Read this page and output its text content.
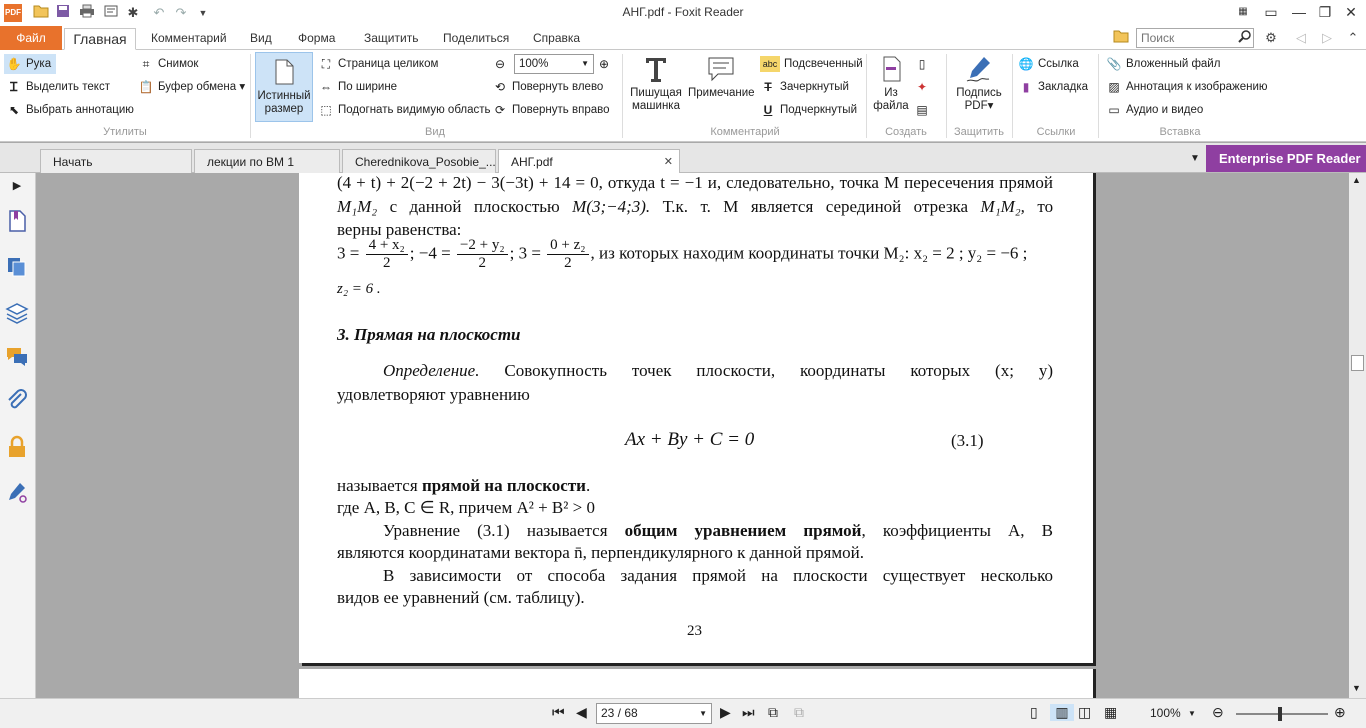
PDF	✱ ↶ ↷	▼	АНГ.pdf - Foxit Reader	▦	▭	— ❐ ✕
Файл	Главная	Комментарий	Вид	Форма	Защитить	Поделиться	Справка
Поиск	⚙	◁	▷	⌃
✋ Рука
Ꮖ Выделить текст
⬉ Выбрать аннотацию
⌗ Снимок
📋 Буфер обмена ▾
Утилиты
Истинный размер
⛶ Страница целиком
⇔ По ширине
⬚ Подогнать видимую область
⊖	100%	▼ ⊕
⟲ Повернуть влево
⟳ Повернуть вправо
Вид
Пишущая машинка
Примечание
abc Подсвеченный
T Зачеркнутый
U Подчеркнутый
Комментарий
Из файла
▯
✦
▤
Создать
Подпись PDF▾
Защитить
🌐 Ссылка
▮ Закладка
Ссылки
📎 Вложенный файл
▨ Аннотация к изображению
▭ Аудио и видео
Вставка
Начать	лекции по ВМ 1	Cherednikova_Posobie_...	АНГ.pdf	✕	▼	Enterprise PDF Reader
▶	(4 + t) + 2(−2 + 2t) − 3(−3t) + 14 = 0, откуда t = −1 и, следовательно, точка M пересечения прямой
M₁M₂ с данной плоскостью M(3;−4;3). Т.к. т. M является серединой отрезка M₁M₂, то
верны равенства:
$3 = \frac{\text{4 + x₂}}{2}$ ; $-4 = \frac{\text{−2 + y₂}}{2}$ ; $3 = \frac{\text{0 + z₂}}{2}$ , из которых находим координаты точки M₂: x₂ = 2 ; y₂ = −6 ;
z₂ = 6 .
3. Прямая на плоскости
Определение. Совокупность точек плоскости, координаты которых (x; y)
удовлетворяют уравнению
Ax + By + C = 0	(3.1)
называется прямой на плоскости.
где A, B, C ∈ R, причем A² + B² > 0
Уравнение (3.1) называется общим уравнением прямой, коэффициенты A, B
являются координатами вектора n̄, перпендикулярного к данной прямой.
В зависимости от способа задания прямой на плоскости существует несколько
видов ее уравнений (см. таблицу).
23
▲
▼
⏮ ◀	23 / 68	▼ ▶ ⏭ ⧉ ⧉	▯	▥ ◫ ▦	100% ▼ ⊖	⊕
